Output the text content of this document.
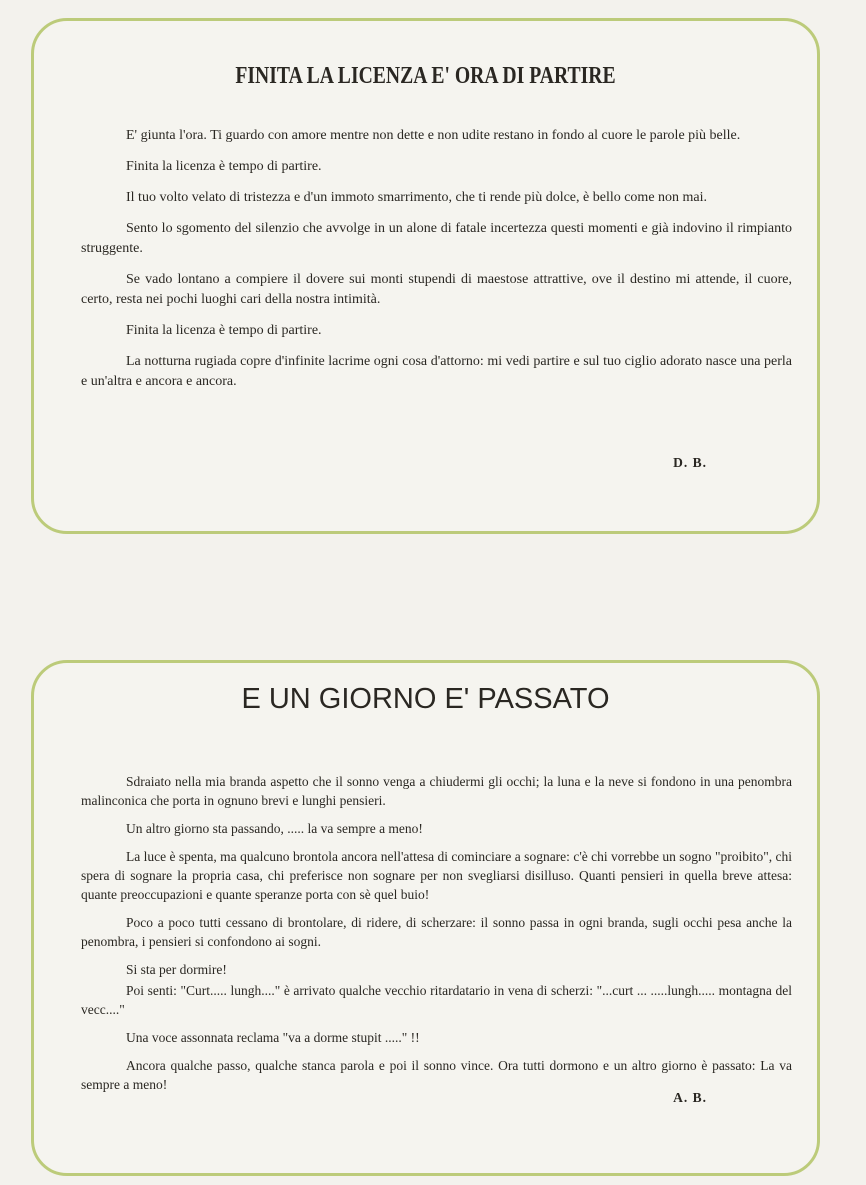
FINITA LA LICENZA E' ORA DI PARTIRE

E' giunta l'ora. Ti guardo con amore mentre non dette e non udite restano in fondo al cuore le parole più belle.

Finita la licenza è tempo di partire.

Il tuo volto velato di tristezza e d'un immoto smarrimento, che ti rende più dolce, è bello come non mai.

Sento lo sgomento del silenzio che avvolge in un alone di fatale incertezza questi momenti e già indovino il rimpianto struggente.

Se vado lontano a compiere il dovere sui monti stupendi di maestose attrattive, ove il destino mi attende, il cuore, certo, resta nei pochi luoghi cari della nostra intimità.

Finita la licenza è tempo di partire.

La notturna rugiada copre d'infinite lacrime ogni cosa d'attorno: mi vedi partire e sul tuo ciglio adorato nasce una perla e un'altra e ancora e ancora.

D. B.
E UN GIORNO E' PASSATO

Sdraiato nella mia branda aspetto che il sonno venga a chiudermi gli occhi; la luna e la neve si fondono in una penombra malinconica che porta in ognuno brevi e lunghi pensieri.

Un altro giorno sta passando, ..... la va sempre a meno!

La luce è spenta, ma qualcuno brontola ancora nell'attesa di cominciare a sognare: c'è chi vorrebbe un sogno "proibito", chi spera di sognare la propria casa, chi preferisce non sognare per non svegliarsi disilluso. Quanti pensieri in quella breve attesa: quante preoccupazioni e quante speranze porta con sè quel buio!

Poco a poco tutti cessano di brontolare, di ridere, di scherzare: il sonno passa in ogni branda, sugli occhi pesa anche la penombra, i pensieri si confondono ai sogni.

Si sta per dormire!

Poi senti: "Curt..... lungh...." è arrivato qualche vecchio ritardatario in vena di scherzi: "...curt ... .....lungh..... montagna del vecc...."

Una voce assonnata reclama "va a dorme stupit ....." !!

Ancora qualche passo, qualche stanca parola e poi il sonno vince. Ora tutti dormono e un altro giorno è passato: La va sempre a meno!

A. B.
